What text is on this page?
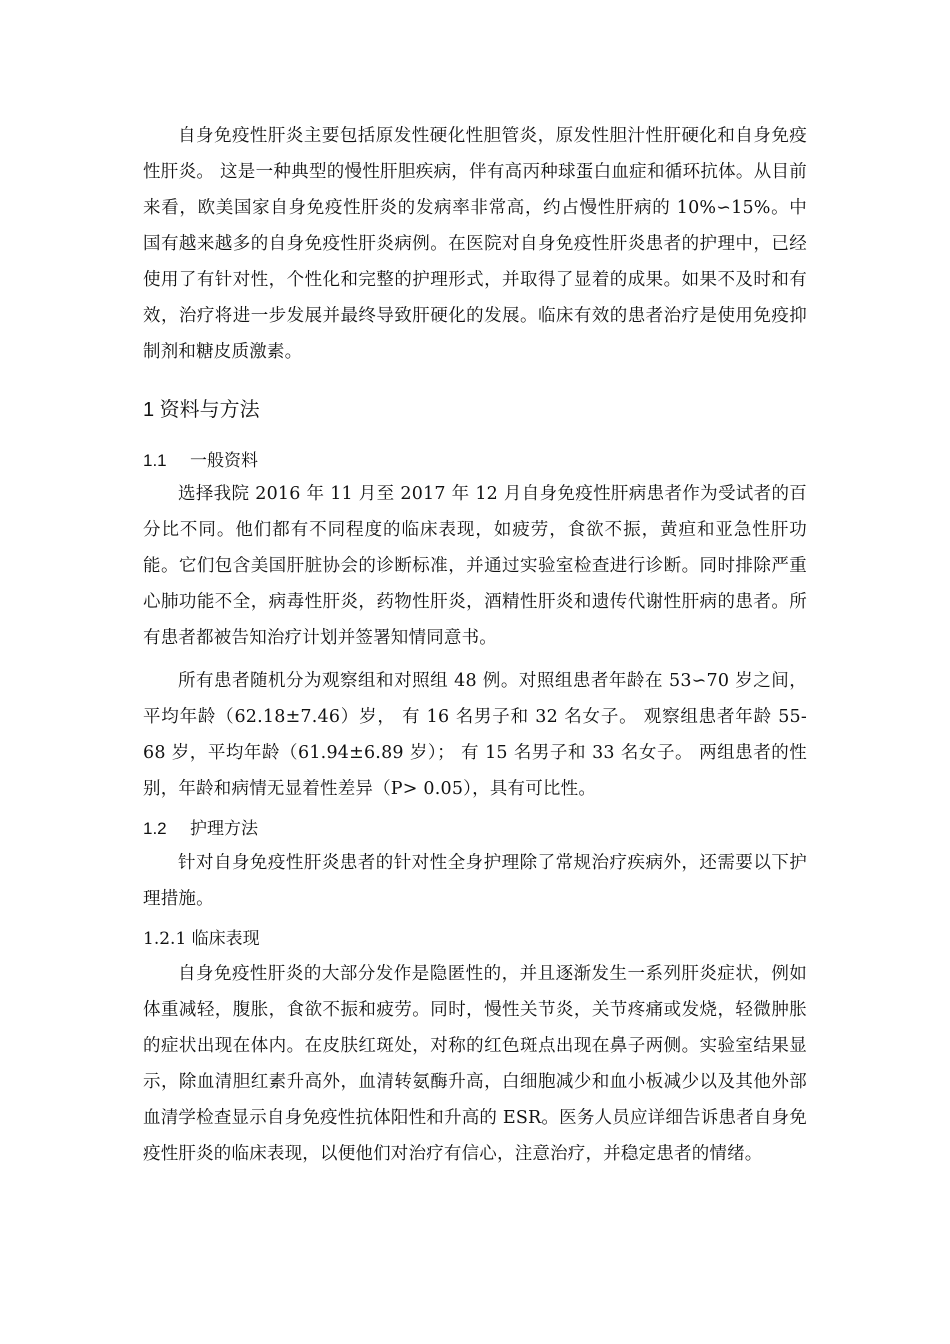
自身免疫性肝炎主要包括原发性硬化性胆管炎，原发性胆汁性肝硬化和自身免疫性肝炎。 这是一种典型的慢性肝胆疾病，伴有高丙种球蛋白血症和循环抗体。从目前来看，欧美国家自身免疫性肝炎的发病率非常高，约占慢性肝病的 10%∽15%。中国有越来越多的自身免疫性肝炎病例。在医院对自身免疫性肝炎患者的护理中，已经使用了有针对性，个性化和完整的护理形式，并取得了显着的成果。如果不及时和有效，治疗将进一步发展并最终导致肝硬化的发展。临床有效的患者治疗是使用免疫抑制剂和糖皮质激素。

1 资料与方法
1.1 一般资料

选择我院 2016 年 11 月至 2017 年 12 月自身免疫性肝病患者作为受试者的百分比不同。他们都有不同程度的临床表现，如疲劳，食欲不振，黄疸和亚急性肝功能。它们包含美国肝脏协会的诊断标准，并通过实验室检查进行诊断。同时排除严重心肺功能不全，病毒性肝炎，药物性肝炎，酒精性肝炎和遗传代谢性肝病的患者。所有患者都被告知治疗计划并签署知情同意书。

所有患者随机分为观察组和对照组 48 例。对照组患者年龄在 53∽70 岁之间，平均年龄（62.18±7.46）岁， 有 16 名男子和 32 名女子。 观察组患者年龄 55-68 岁，平均年龄（61.94±6.89 岁）； 有 15 名男子和 33 名女子。 两组患者的性别，年龄和病情无显着性差异（P> 0.05），具有可比性。

1.2 护理方法

针对自身免疫性肝炎患者的针对性全身护理除了常规治疗疾病外，还需要以下护理措施。

1.2.1 临床表现

自身免疫性肝炎的大部分发作是隐匿性的，并且逐渐发生一系列肝炎症状，例如体重减轻，腹胀，食欲不振和疲劳。同时，慢性关节炎，关节疼痛或发烧，轻微肿胀的症状出现在体内。在皮肤红斑处，对称的红色斑点出现在鼻子两侧。实验室结果显示，除血清胆红素升高外，血清转氨酶升高，白细胞减少和血小板减少以及其他外部血清学检查显示自身免疫性抗体阳性和升高的 ESR。医务人员应详细告诉患者自身免疫性肝炎的临床表现，以便他们对治疗有信心，注意治疗，并稳定患者的情绪。
